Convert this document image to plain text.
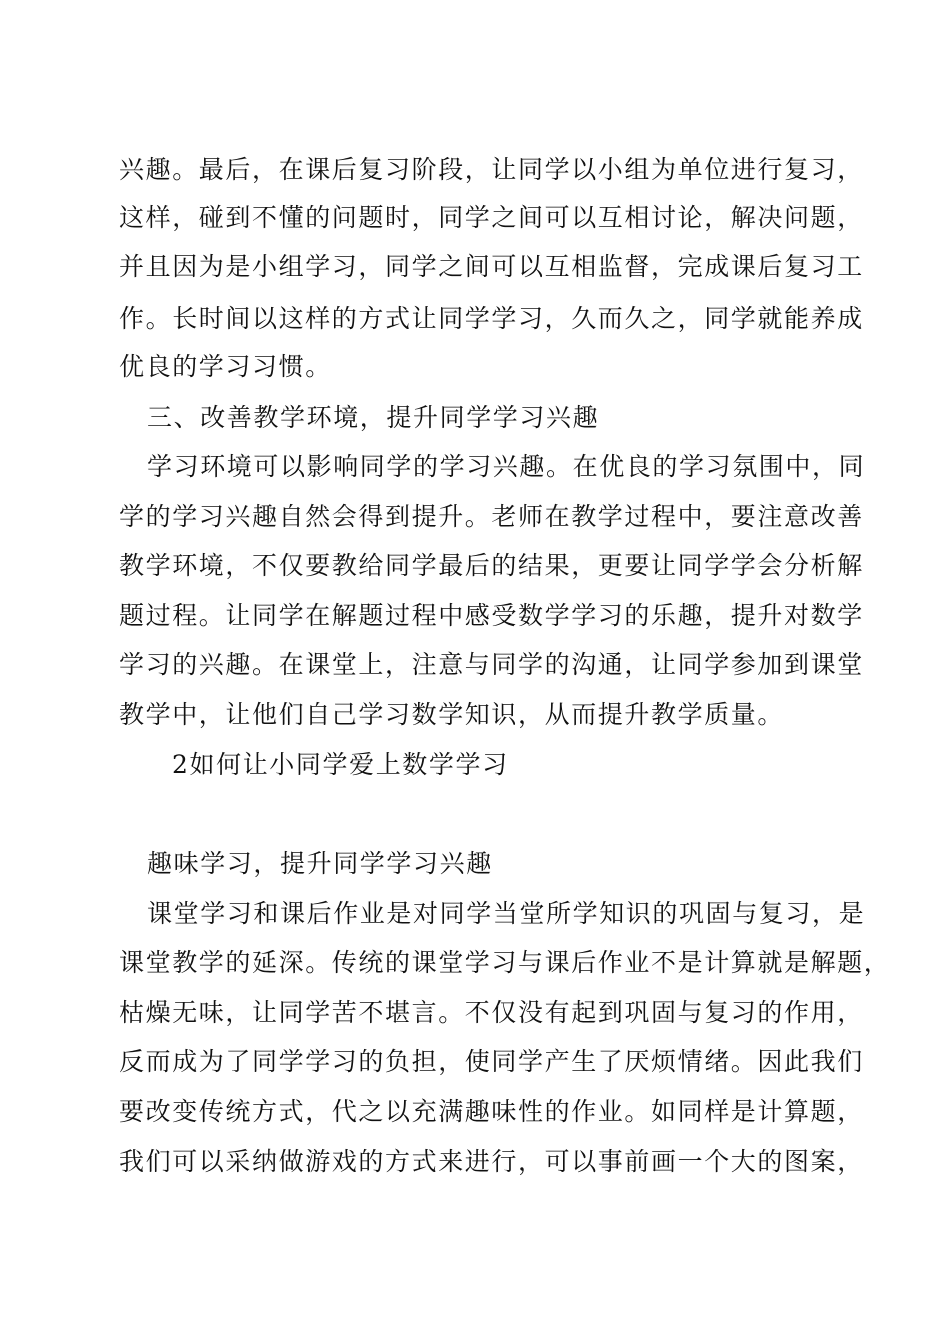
兴趣。最后，在课后复习阶段，让同学以小组为单位进行复习，
这样，碰到不懂的问题时，同学之间可以互相讨论，解决问题，
并且因为是小组学习，同学之间可以互相监督，完成课后复习工
作。长时间以这样的方式让同学学习，久而久之，同学就能养成
优良的学习习惯。
三、改善教学环境，提升同学学习兴趣
学习环境可以影响同学的学习兴趣。在优良的学习氛围中，同
学的学习兴趣自然会得到提升。老师在教学过程中，要注意改善
教学环境，不仅要教给同学最后的结果，更要让同学学会分析解
题过程。让同学在解题过程中感受数学学习的乐趣，提升对数学
学习的兴趣。在课堂上，注意与同学的沟通，让同学参加到课堂
教学中，让他们自己学习数学知识，从而提升教学质量。
2如何让小同学爱上数学学习
趣味学习，提升同学学习兴趣
课堂学习和课后作业是对同学当堂所学知识的巩固与复习，是
课堂教学的延深。传统的课堂学习与课后作业不是计算就是解题，
枯燥无味，让同学苦不堪言。不仅没有起到巩固与复习的作用，
反而成为了同学学习的负担，使同学产生了厌烦情绪。因此我们
要改变传统方式，代之以充满趣味性的作业。如同样是计算题，
我们可以采纳做游戏的方式来进行，可以事前画一个大的图案，
